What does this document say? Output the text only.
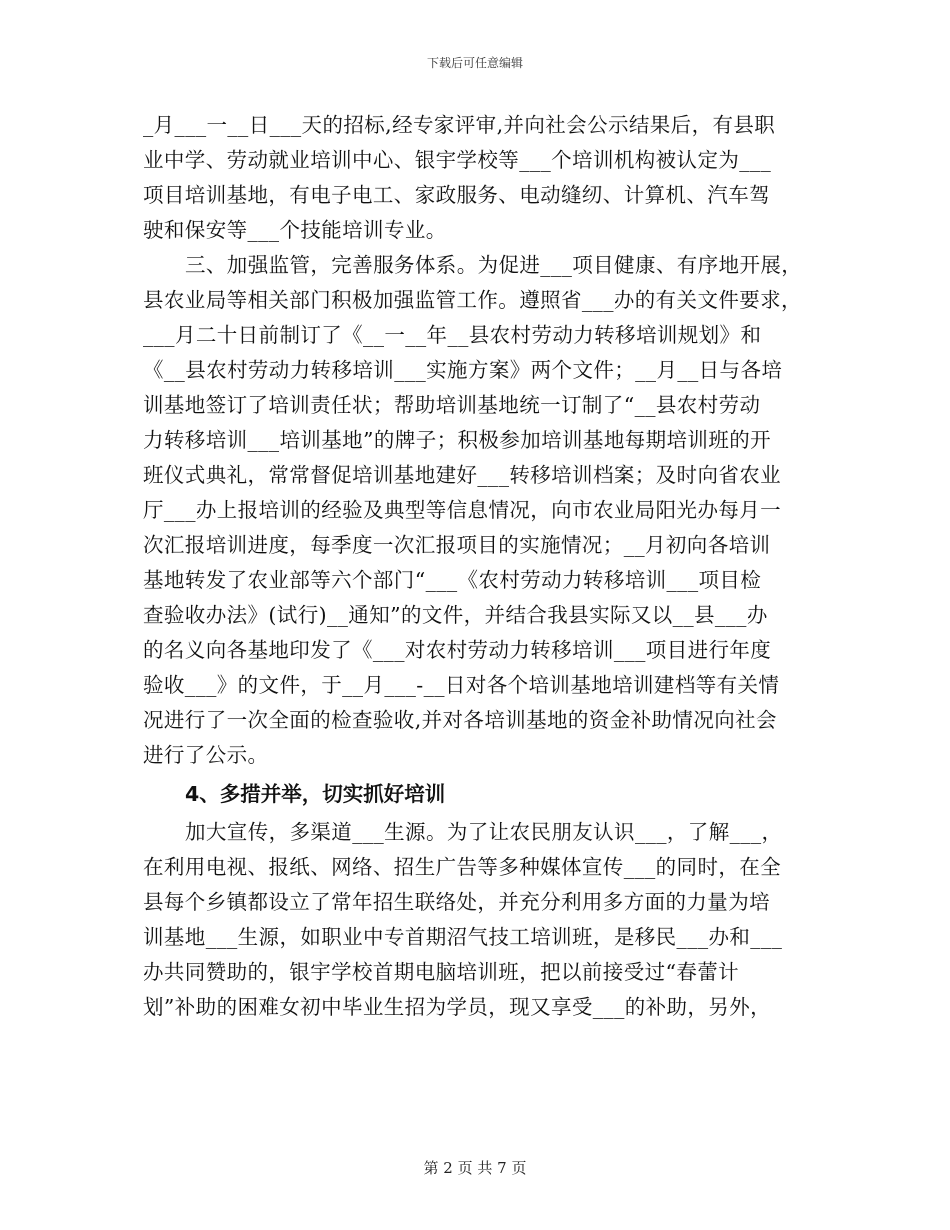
下载后可任意编辑
_月___一__日___天的招标,经专家评审,并向社会公示结果后，有县职
业中学、劳动就业培训中心、银宇学校等___个培训机构被认定为___
项目培训基地，有电子电工、家政服务、电动缝纫、计算机、汽车驾
驶和保安等___个技能培训专业。
三、加强监管，完善服务体系。为促进___项目健康、有序地开展，
县农业局等相关部门积极加强监管工作。遵照省___办的有关文件要求，
___月二十日前制订了《__一__年__县农村劳动力转移培训规划》和
《__县农村劳动力转移培训___实施方案》两个文件；__月__日与各培
训基地签订了培训责任状；帮助培训基地统一订制了“__县农村劳动
力转移培训___培训基地”的牌子；积极参加培训基地每期培训班的开
班仪式典礼，常常督促培训基地建好___转移培训档案；及时向省农业
厅___办上报培训的经验及典型等信息情况，向市农业局阳光办每月一
次汇报培训进度，每季度一次汇报项目的实施情况；__月初向各培训
基地转发了农业部等六个部门“___《农村劳动力转移培训___项目检
查验收办法》(试行)__通知”的文件，并结合我县实际又以__县___办
的名义向各基地印发了《___对农村劳动力转移培训___项目进行年度
验收___》的文件，于__月___-__日对各个培训基地培训建档等有关情
况进行了一次全面的检查验收,并对各培训基地的资金补助情况向社会
进行了公示。
4、多措并举，切实抓好培训
加大宣传，多渠道___生源。为了让农民朋友认识___，了解___，
在利用电视、报纸、网络、招生广告等多种媒体宣传___的同时，在全
县每个乡镇都设立了常年招生联络处，并充分利用多方面的力量为培
训基地___生源，如职业中专首期沼气技工培训班，是移民___办和___
办共同赞助的，银宇学校首期电脑培训班，把以前接受过“春蕾计
划”补助的困难女初中毕业生招为学员，现又享受___的补助，另外，
第 2 页 共 7 页
